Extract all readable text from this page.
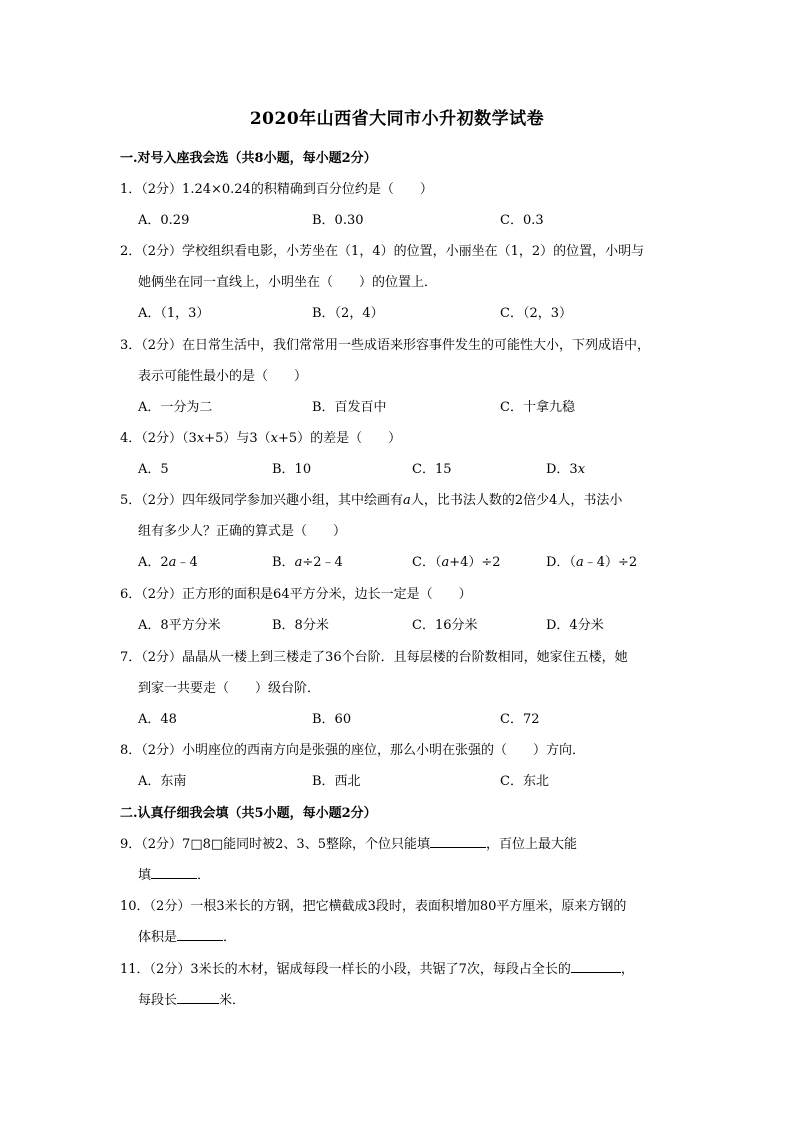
2020年山西省大同市小升初数学试卷
一.对号入座我会选（共8小题，每小题2分）
1．（2分）1.24×0.24的积精确到百分位约是（　　）
A．0.29	B．0.30	C．0.3
2．（2分）学校组织看电影，小芳坐在（1，4）的位置，小丽坐在（1，2）的位置，小明与
她俩坐在同一直线上，小明坐在（　　）的位置上．
A．（1，3）	B．（2，4）	C．（2，3）
3．（2分）在日常生活中，我们常常用一些成语来形容事件发生的可能性大小，下列成语中，
表示可能性最小的是（　　）
A．一分为二	B．百发百中	C．十拿九稳
4．（2分）（3x+5）与3（x+5）的差是（　　）
A．5	B．10	C．15	D．3x
5．（2分）四年级同学参加兴趣小组，其中绘画有a人，比书法人数的2倍少4人，书法小
组有多少人？正确的算式是（　　）
A．2a﹣4	B．a÷2﹣4	C．（a+4）÷2	D．（a﹣4）÷2
6．（2分）正方形的面积是64平方分米，边长一定是（　　）
A．8平方分米	B．8分米	C．16分米	D．4分米
7．（2分）晶晶从一楼上到三楼走了36个台阶．且每层楼的台阶数相同，她家住五楼，她
到家一共要走（　　）级台阶．
A．48	B．60	C．72
8．（2分）小明座位的西南方向是张强的座位，那么小明在张强的（　　）方向．
A．东南	B．西北	C．东北
二.认真仔细我会填（共5小题，每小题2分）
9．（2分）7□8□能同时被2、3、5整除，个位只能填	，百位上最大能
填	．
10．（2分）一根3米长的方钢，把它横截成3段时，表面积增加80平方厘米，原来方钢的
体积是	．
11．（2分）3米长的木材，锯成每段一样长的小段，共锯了7次，每段占全长的	，
每段长	米．
